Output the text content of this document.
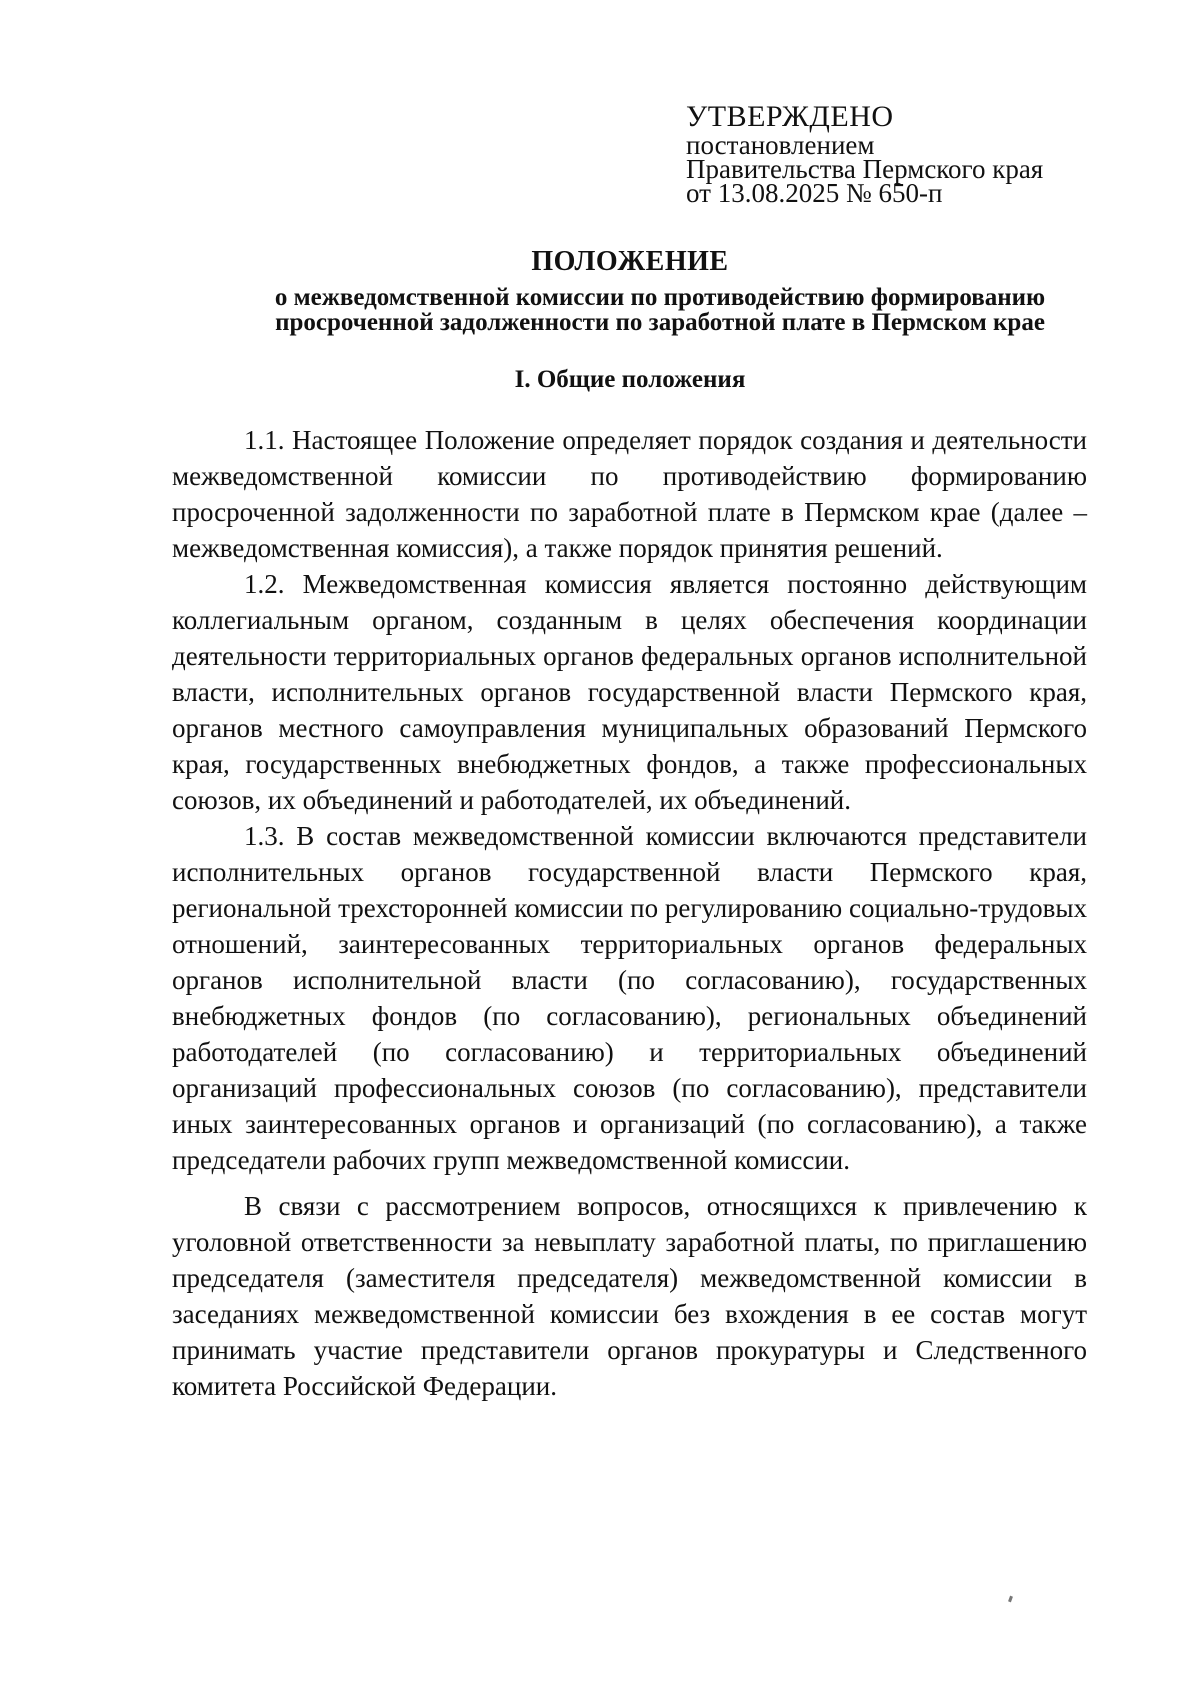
УТВЕРЖДЕНО
постановлением
Правительства Пермского края
от 13.08.2025 № 650-п
ПОЛОЖЕНИЕ
о межведомственной комиссии по противодействию формированию
просроченной задолженности по заработной плате в Пермском крае
I. Общие положения

1.1. Настоящее Положение определяет порядок создания и деятельности межведомственной комиссии по противодействию формированию просроченной задолженности по заработной плате в Пермском крае (далее – межведомственная комиссия), а также порядок принятия решений.

1.2. Межведомственная комиссия является постоянно действующим коллегиальным органом, созданным в целях обеспечения координации деятельности территориальных органов федеральных органов исполнительной власти, исполнительных органов государственной власти Пермского края, органов местного самоуправления муниципальных образований Пермского края, государственных внебюджетных фондов, а также профессиональных союзов, их объединений и работодателей, их объединений.

1.3. В состав межведомственной комиссии включаются представители исполнительных органов государственной власти Пермского края, региональной трехсторонней комиссии по регулированию социально-трудовых отношений, заинтересованных территориальных органов федеральных органов исполнительной власти (по согласованию), государственных внебюджетных фондов (по согласованию), региональных объединений работодателей (по согласованию) и территориальных объединений организаций профессиональных союзов (по согласованию), представители иных заинтересованных органов и организаций (по согласованию), а также председатели рабочих групп межведомственной комиссии.

В связи с рассмотрением вопросов, относящихся к привлечению к уголовной ответственности за невыплату заработной платы, по приглашению председателя (заместителя председателя) межведомственной комиссии в заседаниях межведомственной комиссии без вхождения в ее состав могут принимать участие представители органов прокуратуры и Следственного комитета Российской Федерации.
